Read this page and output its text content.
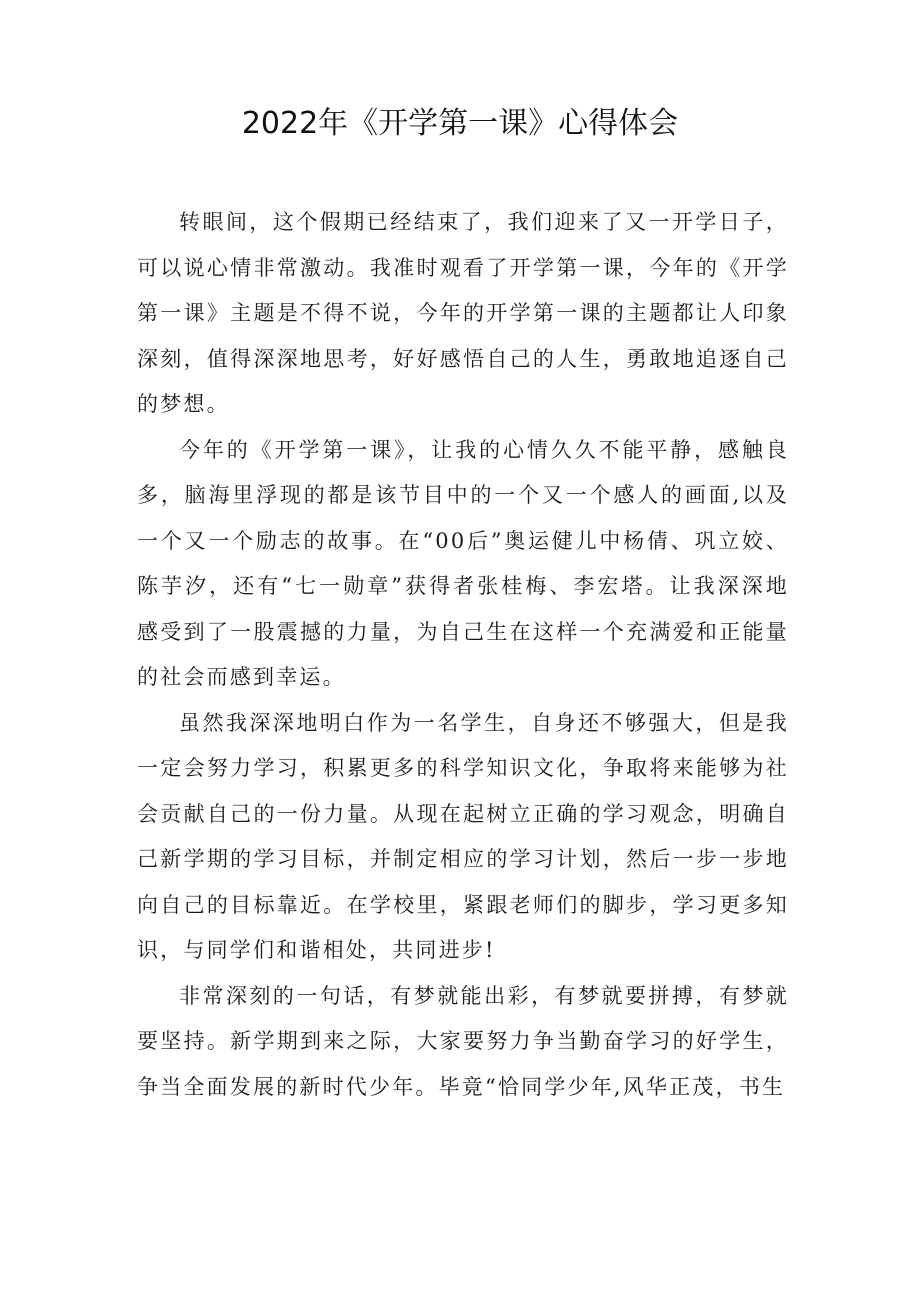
2022年《开学第一课》心得体会

转眼间，这个假期已经结束了，我们迎来了又一开学日子，可以说心情非常激动。我准时观看了开学第一课，今年的《开学第一课》主题是不得不说，今年的开学第一课的主题都让人印象深刻，值得深深地思考，好好感悟自己的人生，勇敢地追逐自己的梦想。

今年的《开学第一课》，让我的心情久久不能平静，感触良多，脑海里浮现的都是该节目中的一个又一个感人的画面,以及一个又一个励志的故事。在“00后”奥运健儿中杨倩、巩立姣、陈芋汐，还有“七一勋章”获得者张桂梅、李宏塔。让我深深地感受到了一股震撼的力量，为自己生在这样一个充满爱和正能量的社会而感到幸运。

虽然我深深地明白作为一名学生，自身还不够强大，但是我一定会努力学习，积累更多的科学知识文化，争取将来能够为社会贡献自己的一份力量。从现在起树立正确的学习观念，明确自己新学期的学习目标，并制定相应的学习计划，然后一步一步地向自己的目标靠近。在学校里，紧跟老师们的脚步，学习更多知识，与同学们和谐相处，共同进步!

非常深刻的一句话，有梦就能出彩，有梦就要拼搏，有梦就要坚持。新学期到来之际，大家要努力争当勤奋学习的好学生，争当全面发展的新时代少年。毕竟“恰同学少年,风华正茂，书生
